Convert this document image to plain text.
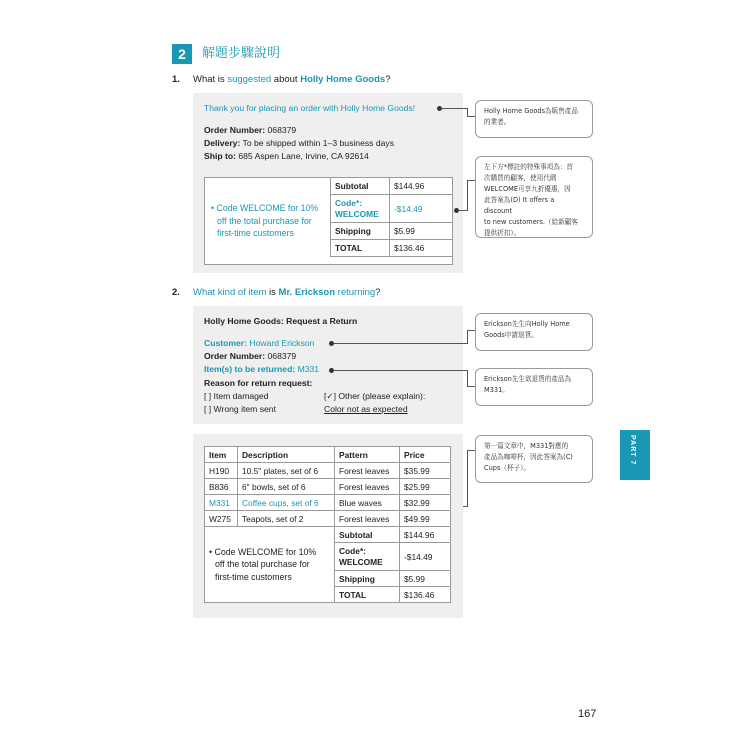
2	解題步驟說明
1. What is suggested about Holly Home Goods?
Thank you for placing an order with Holly Home Goods!
Order Number: 068379
Delivery: To be shipped within 1–3 business days
Ship to: 685 Aspen Lane, Irvine, CA 92614
• Code WELCOME for 10%
off the total purchase for
first-time customers
Subtotal	$144.96
Code*:
WELCOME	-$14.49
Shipping	$5.99
TOTAL	$136.46
Holly Home Goods為販售產品
的業者。
左下方*標註的特殊事項為：首
次購買的顧客，使用代碼
WELCOME可享九折優惠，因
此答案為(D) It offers a discount
to new customers.（給新顧客
提供折扣）。
2. What kind of item is Mr. Erickson returning?
Holly Home Goods: Request a Return
Customer: Howard Erickson
Order Number: 068379
Item(s) to be returned: M331
Reason for return request:
[ ] Item damaged
[ ] Wrong item sent
[✓] Other (please explain):
Color not as expected
Erickson先生向Holly Home
Goods申請退貨。
Erickson先生欲退貨的產品為
M331。
第一篇文章中，M331對應的
產品為咖啡杯，因此答案為(C)
Cups（杯子）。
Item	Description	Pattern	Price
H190	10.5" plates, set of 6	Forest leaves	$35.99
B836	6" bowls, set of 6	Forest leaves	$25.99
M331	Coffee cups, set of 6	Blue waves	$32.99
W275	Teapots, set of 2	Forest leaves	$49.99

• Code WELCOME for 10%
off the total purchase for
first-time customers		Subtotal	$144.96
		Code*:
WELCOME	-$14.49
		Shipping	$5.99
		TOTAL	$136.46
PART 7
167
